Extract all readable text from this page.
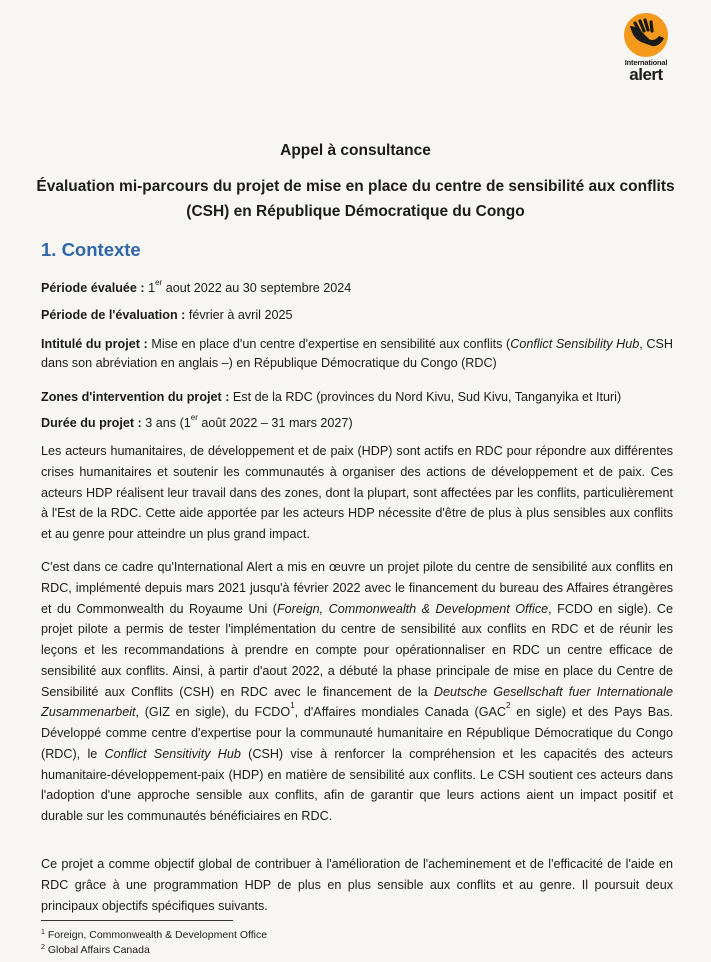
International
alert
Appel à consultance
Évaluation mi-parcours du projet de mise en place du centre de sensibilité aux conflits (CSH) en République Démocratique du Congo
1. Contexte
Période évaluée : 1er aout 2022 au 30 septembre 2024
Période de l'évaluation : février à avril 2025
Intitulé du projet : Mise en place d'un centre d'expertise en sensibilité aux conflits (Conflict Sensibility Hub, CSH dans son abréviation en anglais –) en République Démocratique du Congo (RDC)
Zones d'intervention du projet : Est de la RDC (provinces du Nord Kivu, Sud Kivu, Tanganyika et Ituri)
Durée du projet : 3 ans (1er août 2022 – 31 mars 2027)
Les acteurs humanitaires, de développement et de paix (HDP) sont actifs en RDC pour répondre aux différentes crises humanitaires et soutenir les communautés à organiser des actions de développement et de paix. Ces acteurs HDP réalisent leur travail dans des zones, dont la plupart, sont affectées par les conflits, particulièrement à l'Est de la RDC. Cette aide apportée par les acteurs HDP nécessite d'être de plus à plus sensibles aux conflits et au genre pour atteindre un plus grand impact.
C'est dans ce cadre qu'International Alert a mis en œuvre un projet pilote du centre de sensibilité aux conflits en RDC, implémenté depuis mars 2021 jusqu'à février 2022 avec le financement du bureau des Affaires étrangères et du Commonwealth du Royaume Uni (Foreign, Commonwealth & Development Office, FCDO en sigle). Ce projet pilote a permis de tester l'implémentation du centre de sensibilité aux conflits en RDC et de réunir les leçons et les recommandations à prendre en compte pour opérationnaliser en RDC un centre efficace de sensibilité aux conflits. Ainsi, à partir d'aout 2022, a débuté la phase principale de mise en place du Centre de Sensibilité aux Conflits (CSH) en RDC avec le financement de la Deutsche Gesellschaft fuer Internationale Zusammenarbeit, (GIZ en sigle), du FCDO$^1$, d'Affaires mondiales Canada (GAC$^2$ en sigle) et des Pays Bas. Développé comme centre d'expertise pour la communauté humanitaire en République Démocratique du Congo (RDC), le Conflict Sensitivity Hub (CSH) vise à renforcer la compréhension et les capacités des acteurs humanitaire-développement-paix (HDP) en matière de sensibilité aux conflits. Le CSH soutient ces acteurs dans l'adoption d'une approche sensible aux conflits, afin de garantir que leurs actions aient un impact positif et durable sur les communautés bénéficiaires en RDC.
Ce projet a comme objectif global de contribuer à l'amélioration de l'acheminement et de l'efficacité de l'aide en RDC grâce à une programmation HDP de plus en plus sensible aux conflits et au genre. Il poursuit deux principaux objectifs spécifiques suivants.
$^1$ Foreign, Commonwealth & Development Office
$^2$ Global Affairs Canada
